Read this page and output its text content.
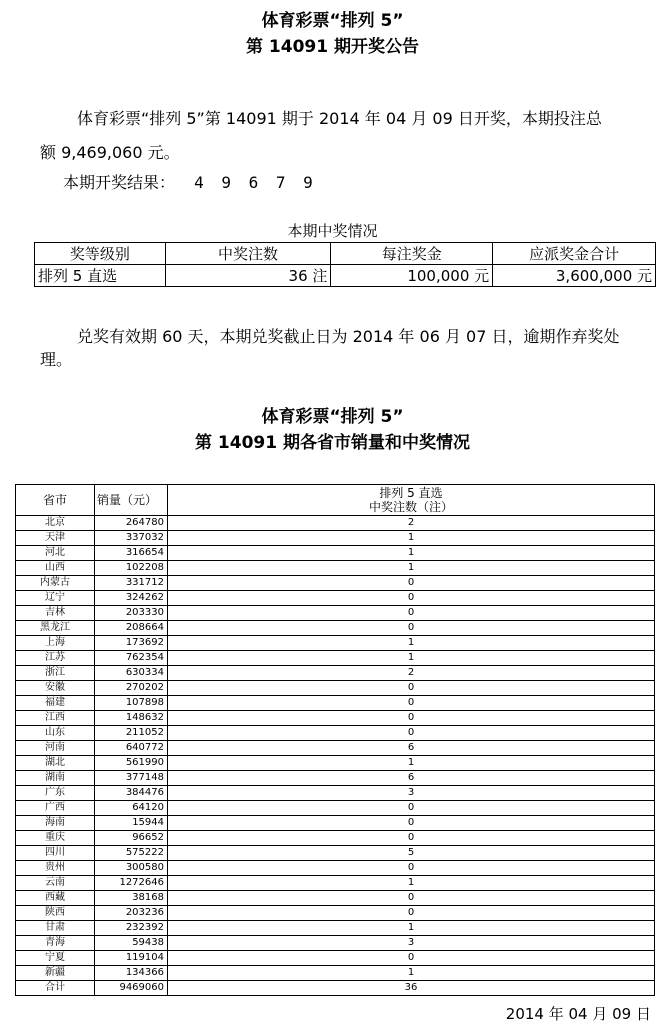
体育彩票“排列 5”
第 14091 期开奖公告
体育彩票“排列 5”第 14091 期于 2014 年 04 月 09 日开奖，本期投注总
额 9,469,060 元。
本期开奖结果： 4 9 6 7 9
本期中奖情况
奖等级别	中奖注数	每注奖金	应派奖金合计
排列 5 直选	36 注	100,000 元	3,600,000 元
兑奖有效期 60 天，本期兑奖截止日为 2014 年 06 月 07 日，逾期作弃奖处
理。
体育彩票“排列 5”
第 14091 期各省市销量和中奖情况
省市	销量（元）	排列 5 直选
中奖注数（注）

北京	264780	2
天津	337032	1
河北	316654	1
山西	102208	1
内蒙古	331712	0
辽宁	324262	0
吉林	203330	0
黑龙江	208664	0
上海	173692	1
江苏	762354	1
浙江	630334	2
安徽	270202	0
福建	107898	0
江西	148632	0
山东	211052	0
河南	640772	6
湖北	561990	1
湖南	377148	6
广东	384476	3
广西	64120	0
海南	15944	0
重庆	96652	0
四川	575222	5
贵州	300580	0
云南	1272646	1
西藏	38168	0
陕西	203236	0
甘肃	232392	1
青海	59438	3
宁夏	119104	0
新疆	134366	1
合计	9469060	36
2014 年 04 月 09 日
